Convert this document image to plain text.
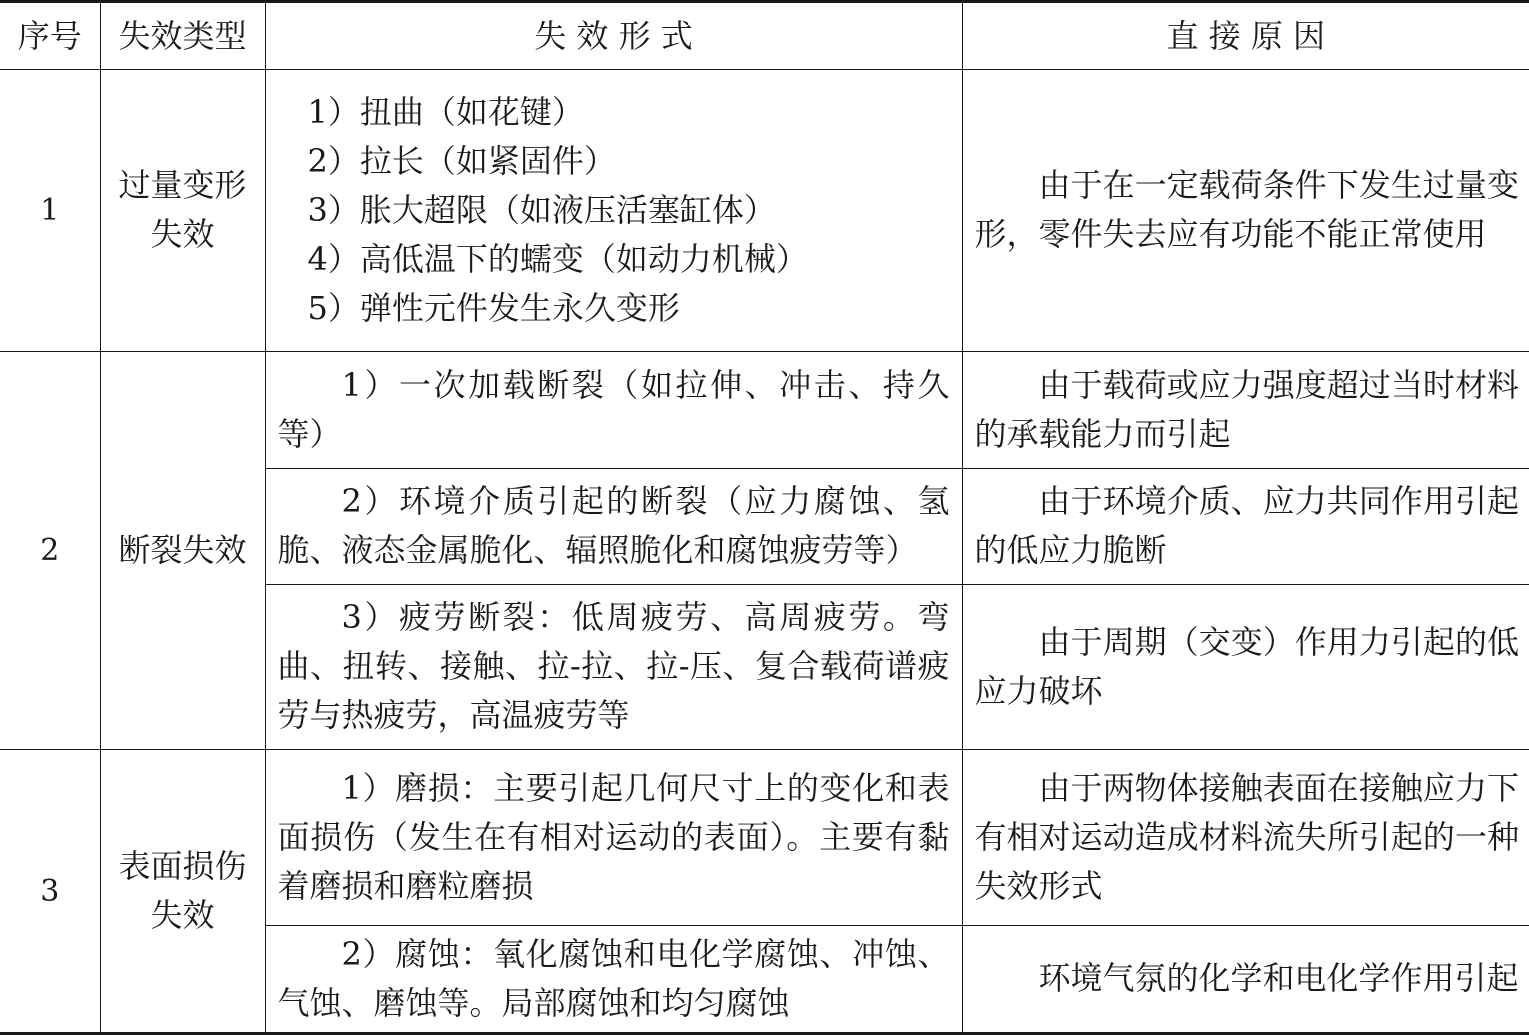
序号	失效类型	失 效 形 式	直 接 原 因
1	过量变形失效	1）扭曲（如花键）
2）拉长（如紧固件）
3）胀大超限（如液压活塞缸体）
4）高低温下的蠕变（如动力机械）
5）弹性元件发生永久变形	由于在一定载荷条件下发生过量变形，零件失去应有功能不能正常使用

2	断裂失效	1）一次加载断裂（如拉伸、冲击、持久等）	由于载荷或应力强度超过当时材料的承载能力而引起

		2）环境介质引起的断裂（应力腐蚀、氢脆、液态金属脆化、辐照脆化和腐蚀疲劳等）	由于环境介质、应力共同作用引起的低应力脆断

		3）疲劳断裂：低周疲劳、高周疲劳。弯曲、扭转、接触、拉-拉、拉-压、复合载荷谱疲劳与热疲劳，高温疲劳等	由于周期（交变）作用力引起的低应力破坏

3	表面损伤失效	1）磨损：主要引起几何尺寸上的变化和表面损伤（发生在有相对运动的表面）。主要有黏着磨损和磨粒磨损	由于两物体接触表面在接触应力下有相对运动造成材料流失所引起的一种失效形式

		2）腐蚀：氧化腐蚀和电化学腐蚀、冲蚀、气蚀、磨蚀等。局部腐蚀和均匀腐蚀	环境气氛的化学和电化学作用引起
